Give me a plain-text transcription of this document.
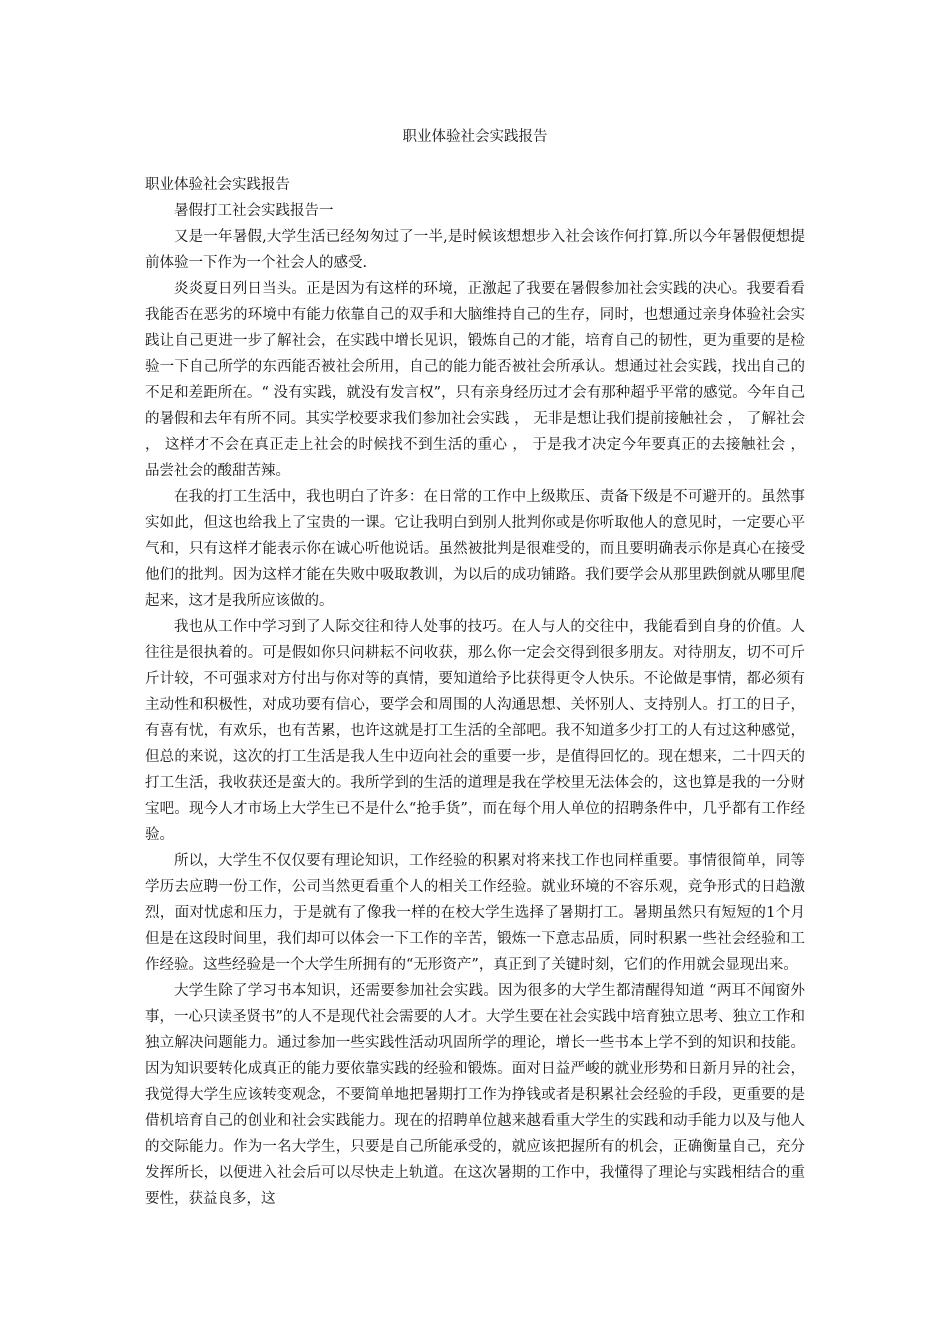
职业体验社会实践报告

职业体验社会实践报告

暑假打工社会实践报告一

又是一年暑假,大学生活已经匆匆过了一半,是时候该想想步入社会该作何打算.所以今年暑假便想提前体验一下作为一个社会人的感受.

炎炎夏日列日当头。正是因为有这样的环境，正激起了我要在暑假参加社会实践的决心。我要看看我能否在恶劣的环境中有能力依靠自己的双手和大脑维持自己的生存，同时，也想通过亲身体验社会实践让自己更进一步了解社会，在实践中增长见识，锻炼自己的才能，培育自己的韧性，更为重要的是检验一下自己所学的东西能否被社会所用，自己的能力能否被社会所承认。想通过社会实践，找出自己的不足和差距所在。“ 没有实践，就没有发言权”，只有亲身经历过才会有那种超乎平常的感觉。今年自己的暑假和去年有所不同。其实学校要求我们参加社会实践 ， 无非是想让我们提前接触社会 ， 了解社会 ， 这样才不会在真正走上社会的时候找不到生活的重心 ， 于是我才决定今年要真正的去接触社会 ， 品尝社会的酸甜苦辣。

在我的打工生活中，我也明白了许多：在日常的工作中上级欺压、责备下级是不可避开的。虽然事实如此，但这也给我上了宝贵的一课。它让我明白到别人批判你或是你听取他人的意见时，一定要心平气和，只有这样才能表示你在诚心听他说话。虽然被批判是很难受的，而且要明确表示你是真心在接受他们的批判。因为这样才能在失败中吸取教训，为以后的成功铺路。我们要学会从那里跌倒就从哪里爬起来，这才是我所应该做的。

我也从工作中学习到了人际交往和待人处事的技巧。在人与人的交往中，我能看到自身的价值。人往往是很执着的。可是假如你只问耕耘不问收获，那么你一定会交得到很多朋友。对待朋友，切不可斤斤计较，不可强求对方付出与你对等的真情，要知道给予比获得更令人快乐。不论做是事情，都必须有主动性和积极性，对成功要有信心，要学会和周围的人沟通思想、关怀别人、支持别人。打工的日子，有喜有忧，有欢乐，也有苦累，也许这就是打工生活的全部吧。我不知道多少打工的人有过这种感觉，但总的来说，这次的打工生活是我人生中迈向社会的重要一步，是值得回忆的。现在想来，二十四天的打工生活，我收获还是蛮大的。我所学到的生活的道理是我在学校里无法体会的，这也算是我的一分财宝吧。现今人才市场上大学生已不是什么“抢手货”，而在每个用人单位的招聘条件中，几乎都有工作经验。

所以，大学生不仅仅要有理论知识，工作经验的积累对将来找工作也同样重要。事情很简单，同等学历去应聘一份工作，公司当然更看重个人的相关工作经验。就业环境的不容乐观，竞争形式的日趋激烈，面对忧虑和压力，于是就有了像我一样的在校大学生选择了暑期打工。暑期虽然只有短短的1个月但是在这段时间里，我们却可以体会一下工作的辛苦，锻炼一下意志品质，同时积累一些社会经验和工作经验。这些经验是一个大学生所拥有的“无形资产”，真正到了关键时刻，它们的作用就会显现出来。

大学生除了学习书本知识，还需要参加社会实践。因为很多的大学生都清醒得知道 “两耳不闻窗外事，一心只读圣贤书”的人不是现代社会需要的人才。大学生要在社会实践中培育独立思考、独立工作和独立解决问题能力。通过参加一些实践性活动巩固所学的理论，增长一些书本上学不到的知识和技能。因为知识要转化成真正的能力要依靠实践的经验和锻炼。面对日益严峻的就业形势和日新月异的社会，我觉得大学生应该转变观念，不要简单地把暑期打工作为挣钱或者是积累社会经验的手段，更重要的是借机培育自己的创业和社会实践能力。现在的招聘单位越来越看重大学生的实践和动手能力以及与他人的交际能力。作为一名大学生，只要是自己所能承受的，就应该把握所有的机会，正确衡量自己，充分发挥所长，以便进入社会后可以尽快走上轨道。在这次暑期的工作中，我懂得了理论与实践相结合的重要性，获益良多，这
